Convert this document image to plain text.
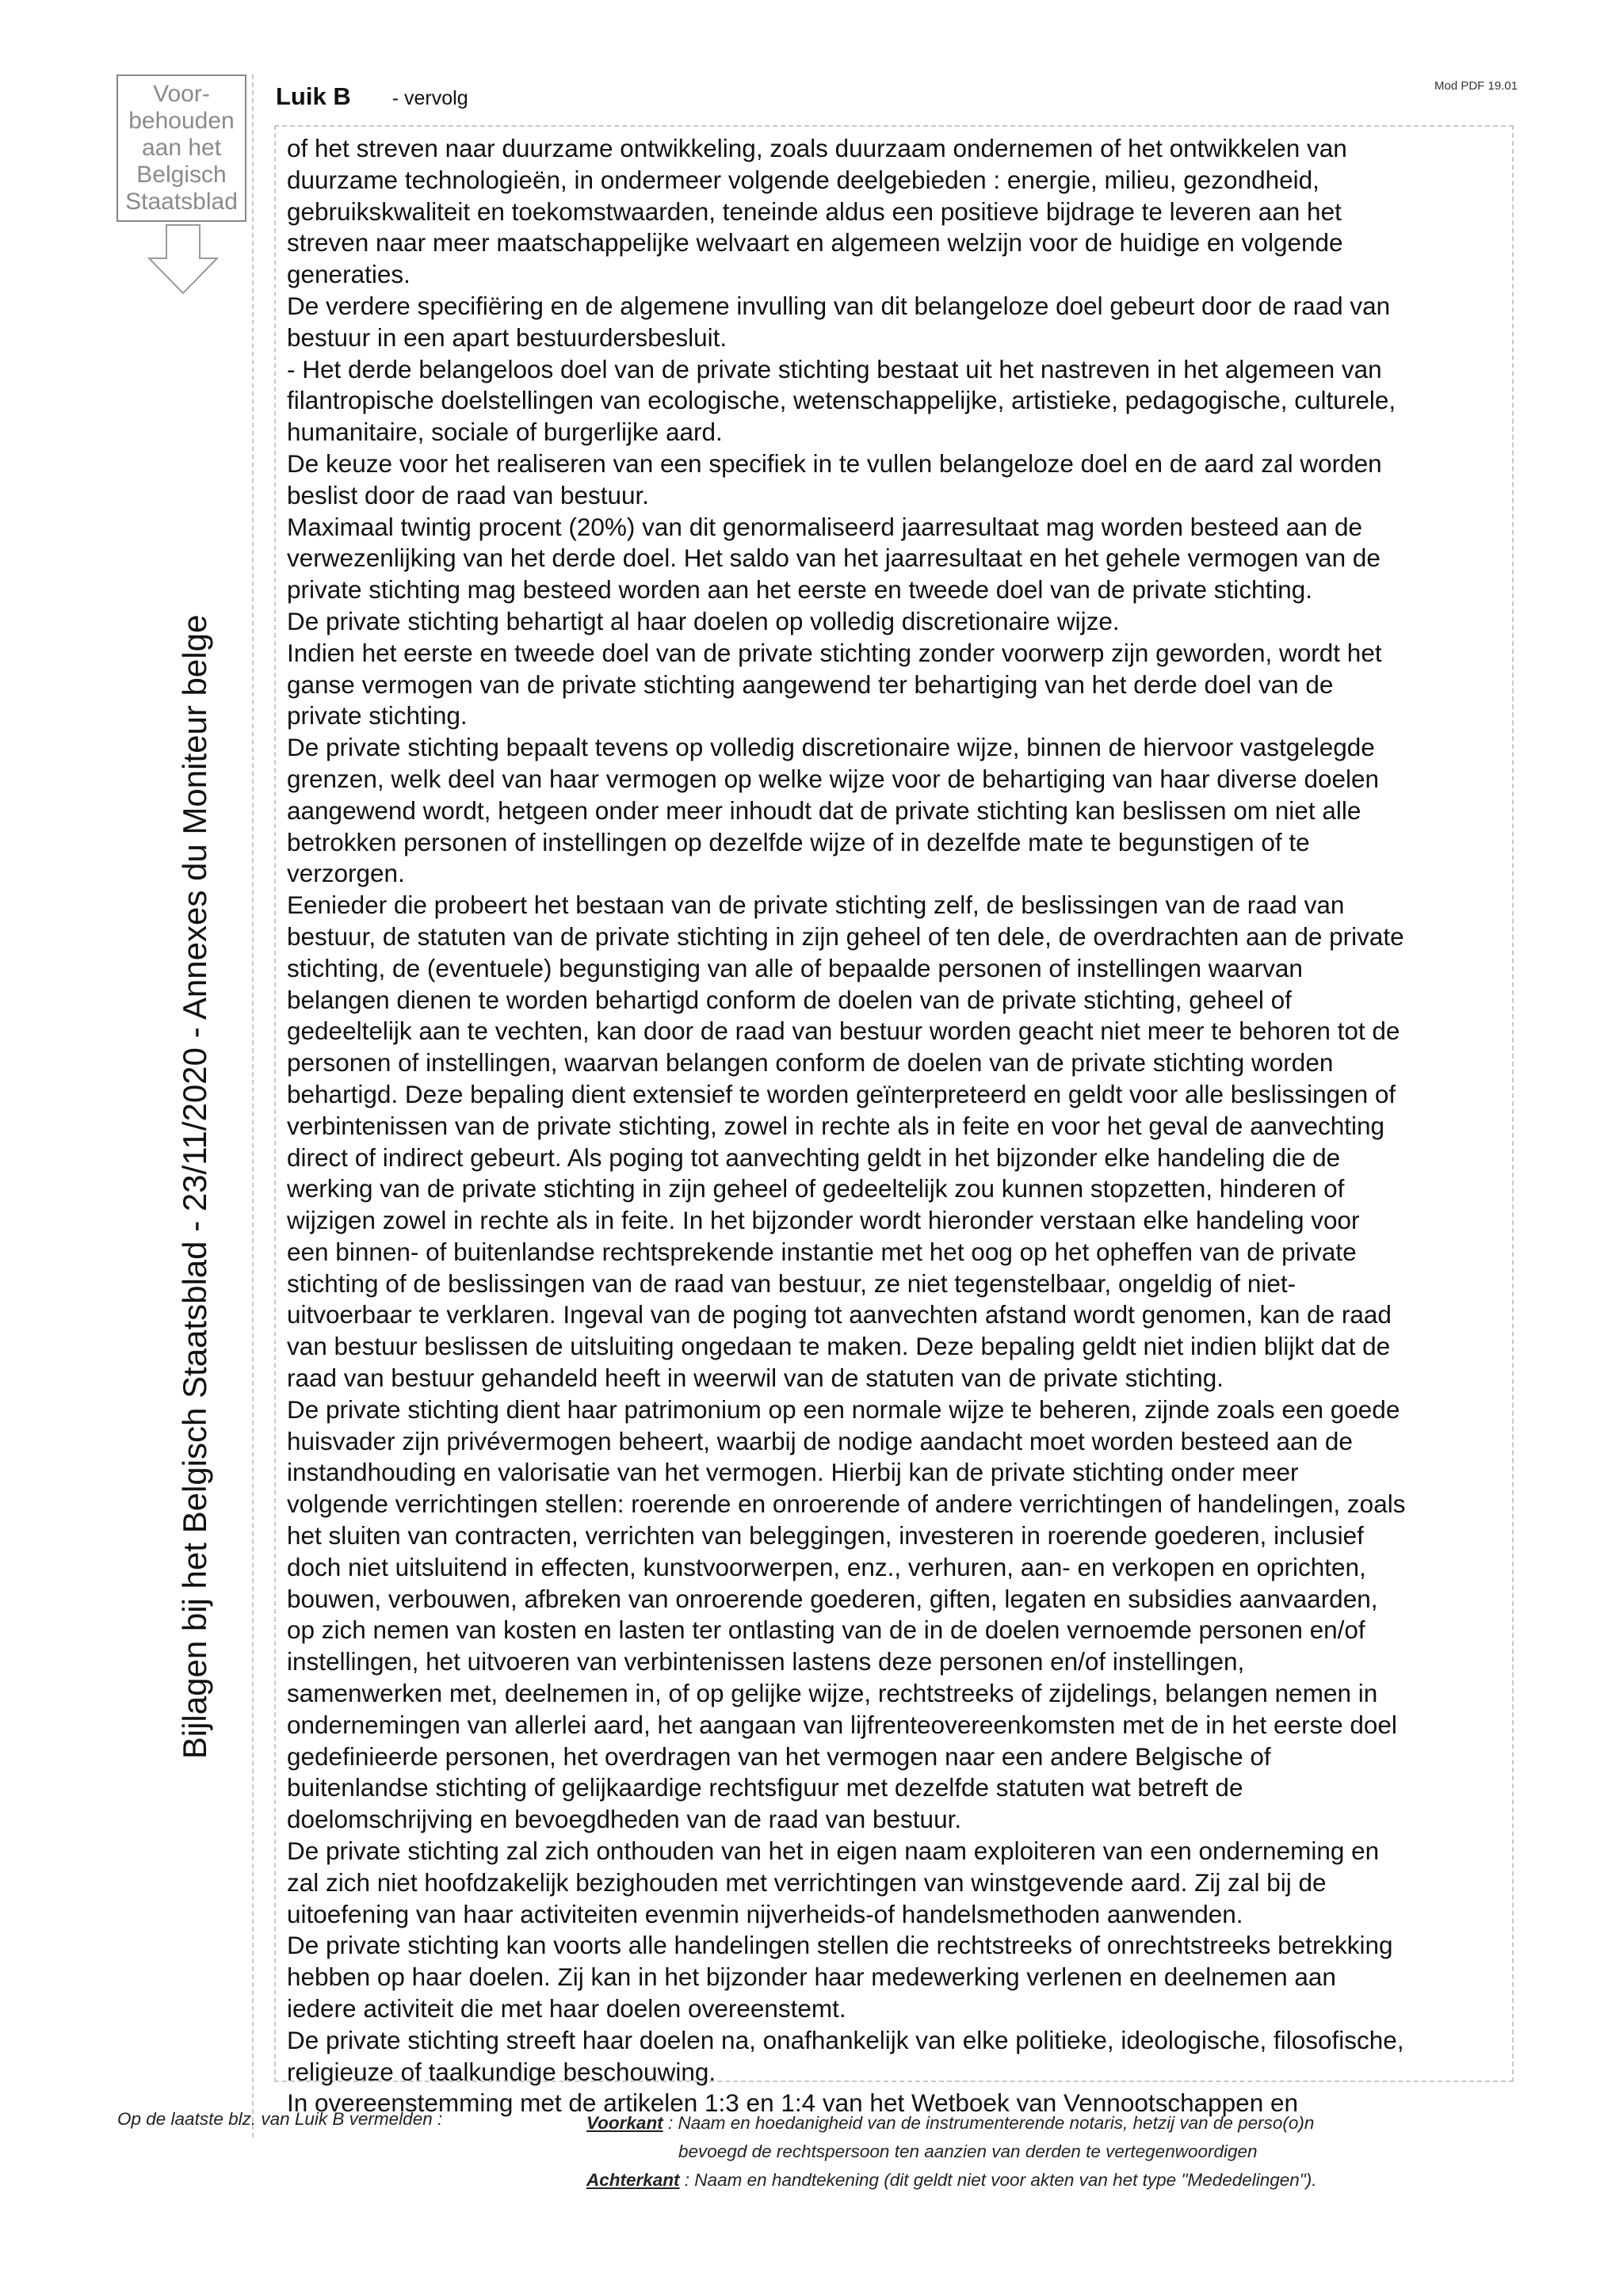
Mod PDF 19.01
Voor-
behouden
aan het
Belgisch
Staatsblad
Bijlagen bij het Belgisch Staatsblad - 23/11/2020 - Annexes du Moniteur belge
Luik B - vervolg

of het streven naar duurzame ontwikkeling, zoals duurzaam ondernemen of het ontwikkelen van

duurzame technologieën, in ondermeer volgende deelgebieden : energie, milieu, gezondheid,

gebruikskwaliteit en toekomstwaarden, teneinde aldus een positieve bijdrage te leveren aan het

streven naar meer maatschappelijke welvaart en algemeen welzijn voor de huidige en volgende

generaties.

De verdere specifiëring en de algemene invulling van dit belangeloze doel gebeurt door de raad van

bestuur in een apart bestuurdersbesluit.

- Het derde belangeloos doel van de private stichting bestaat uit het nastreven in het algemeen van

filantropische doelstellingen van ecologische, wetenschappelijke, artistieke, pedagogische, culturele,

humanitaire, sociale of burgerlijke aard.

De keuze voor het realiseren van een specifiek in te vullen belangeloze doel en de aard zal worden

beslist door de raad van bestuur.

Maximaal twintig procent (20%) van dit genormaliseerd jaarresultaat mag worden besteed aan de

verwezenlijking van het derde doel. Het saldo van het jaarresultaat en het gehele vermogen van de

private stichting mag besteed worden aan het eerste en tweede doel van de private stichting.

De private stichting behartigt al haar doelen op volledig discretionaire wijze.

Indien het eerste en tweede doel van de private stichting zonder voorwerp zijn geworden, wordt het

ganse vermogen van de private stichting aangewend ter behartiging van het derde doel van de

private stichting.

De private stichting bepaalt tevens op volledig discretionaire wijze, binnen de hiervoor vastgelegde

grenzen, welk deel van haar vermogen op welke wijze voor de behartiging van haar diverse doelen

aangewend wordt, hetgeen onder meer inhoudt dat de private stichting kan beslissen om niet alle

betrokken personen of instellingen op dezelfde wijze of in dezelfde mate te begunstigen of te

verzorgen.

Eenieder die probeert het bestaan van de private stichting zelf, de beslissingen van de raad van

bestuur, de statuten van de private stichting in zijn geheel of ten dele, de overdrachten aan de private

stichting, de (eventuele) begunstiging van alle of bepaalde personen of instellingen waarvan

belangen dienen te worden behartigd conform de doelen van de private stichting, geheel of

gedeeltelijk aan te vechten, kan door de raad van bestuur worden geacht niet meer te behoren tot de

personen of instellingen, waarvan belangen conform de doelen van de private stichting worden

behartigd. Deze bepaling dient extensief te worden geïnterpreteerd en geldt voor alle beslissingen of

verbintenissen van de private stichting, zowel in rechte als in feite en voor het geval de aanvechting

direct of indirect gebeurt. Als poging tot aanvechting geldt in het bijzonder elke handeling die de

werking van de private stichting in zijn geheel of gedeeltelijk zou kunnen stopzetten, hinderen of

wijzigen zowel in rechte als in feite. In het bijzonder wordt hieronder verstaan elke handeling voor

een binnen- of buitenlandse rechtsprekende instantie met het oog op het opheffen van de private

stichting of de beslissingen van de raad van bestuur, ze niet tegenstelbaar, ongeldig of niet-

uitvoerbaar te verklaren. Ingeval van de poging tot aanvechten afstand wordt genomen, kan de raad

van bestuur beslissen de uitsluiting ongedaan te maken. Deze bepaling geldt niet indien blijkt dat de

raad van bestuur gehandeld heeft in weerwil van de statuten van de private stichting.

De private stichting dient haar patrimonium op een normale wijze te beheren, zijnde zoals een goede

huisvader zijn privévermogen beheert, waarbij de nodige aandacht moet worden besteed aan de

instandhouding en valorisatie van het vermogen. Hierbij kan de private stichting onder meer

volgende verrichtingen stellen: roerende en onroerende of andere verrichtingen of handelingen, zoals

het sluiten van contracten, verrichten van beleggingen, investeren in roerende goederen, inclusief

doch niet uitsluitend in effecten, kunstvoorwerpen, enz., verhuren, aan- en verkopen en oprichten,

bouwen, verbouwen, afbreken van onroerende goederen, giften, legaten en subsidies aanvaarden,

op zich nemen van kosten en lasten ter ontlasting van de in de doelen vernoemde personen en/of

instellingen, het uitvoeren van verbintenissen lastens deze personen en/of instellingen,

samenwerken met, deelnemen in, of op gelijke wijze, rechtstreeks of zijdelings, belangen nemen in

ondernemingen van allerlei aard, het aangaan van lijfrenteovereenkomsten met de in het eerste doel

gedefinieerde personen, het overdragen van het vermogen naar een andere Belgische of

buitenlandse stichting of gelijkaardige rechtsfiguur met dezelfde statuten wat betreft de

doelomschrijving en bevoegdheden van de raad van bestuur.

De private stichting zal zich onthouden van het in eigen naam exploiteren van een onderneming en

zal zich niet hoofdzakelijk bezighouden met verrichtingen van winstgevende aard. Zij zal bij de

uitoefening van haar activiteiten evenmin nijverheids-of handelsmethoden aanwenden.

De private stichting kan voorts alle handelingen stellen die rechtstreeks of onrechtstreeks betrekking

hebben op haar doelen. Zij kan in het bijzonder haar medewerking verlenen en deelnemen aan

iedere activiteit die met haar doelen overeenstemt.

De private stichting streeft haar doelen na, onafhankelijk van elke politieke, ideologische, filosofische,

religieuze of taalkundige beschouwing.

In overeenstemming met de artikelen 1:3 en 1:4 van het Wetboek van Vennootschappen en

Op de laatste blz. van Luik B vermelden :	Voorkant : Naam en hoedanigheid van de instrumenterende notaris, hetzij van de perso(o)n
bevoegd de rechtspersoon ten aanzien van derden te vertegenwoordigen
Achterkant : Naam en handtekening (dit geldt niet voor akten van het type "Mededelingen").
